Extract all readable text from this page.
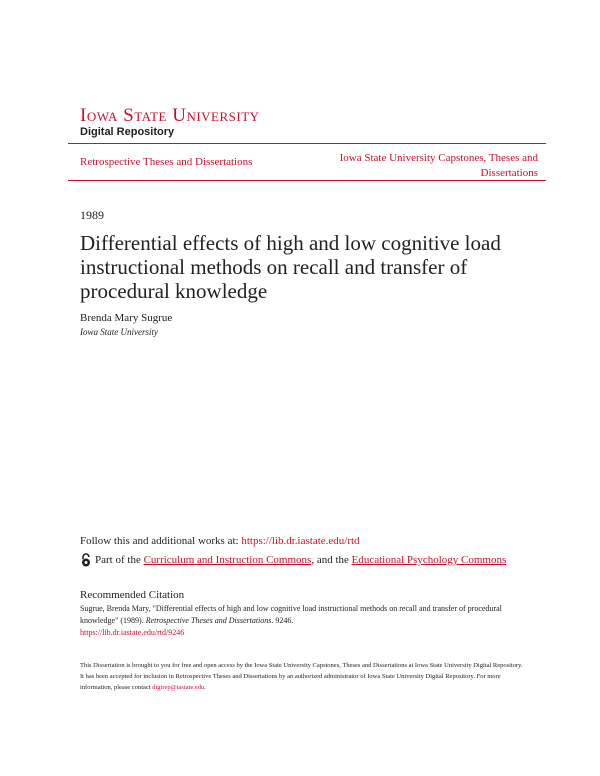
Iowa State University
Digital Repository
Retrospective Theses and Dissertations	Iowa State University Capstones, Theses and Dissertations
1989
Differential effects of high and low cognitive load instructional methods on recall and transfer of procedural knowledge
Brenda Mary Sugrue
Iowa State University
Follow this and additional works at: https://lib.dr.iastate.edu/rtd
Part of the Curriculum and Instruction Commons, and the Educational Psychology Commons
Recommended Citation
Sugrue, Brenda Mary, "Differential effects of high and low cognitive load instructional methods on recall and transfer of procedural knowledge" (1989). Retrospective Theses and Dissertations. 9246.
https://lib.dr.iastate.edu/rtd/9246
This Dissertation is brought to you for free and open access by the Iowa State University Capstones, Theses and Dissertations at Iowa State University Digital Repository. It has been accepted for inclusion in Retrospective Theses and Dissertations by an authorized administrator of Iowa State University Digital Repository. For more information, please contact digirep@iastate.edu.
